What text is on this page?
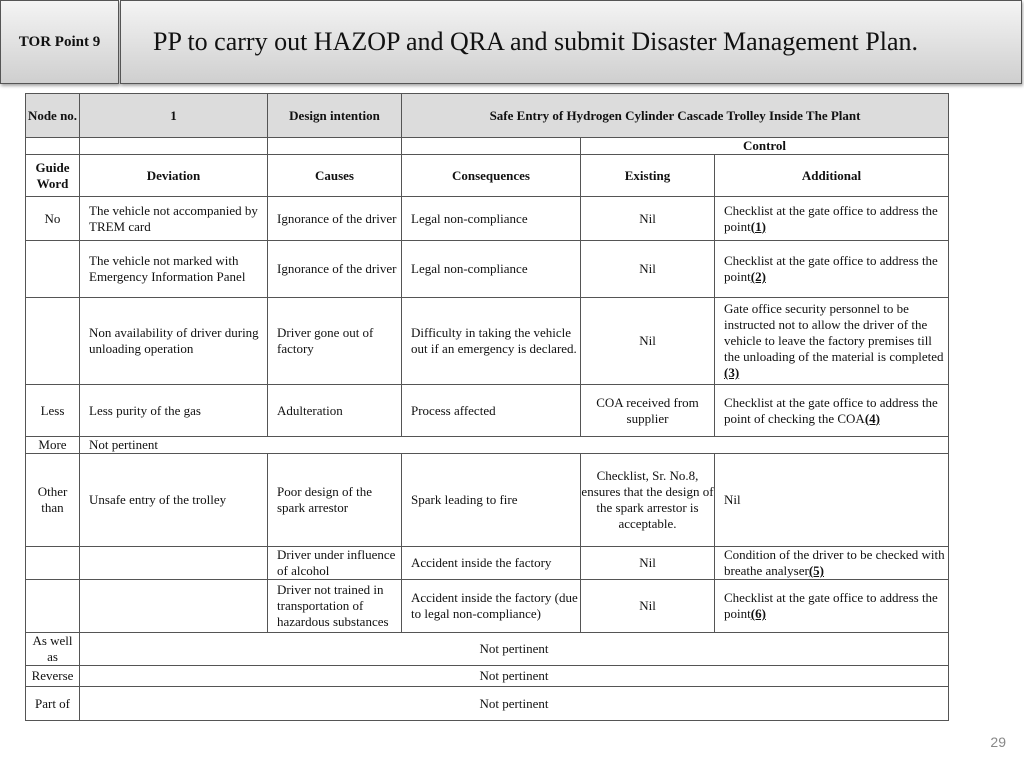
TOR Point 9	PP to carry out HAZOP and QRA and submit Disaster Management Plan.
Node no.	1	Design intention	Safe Entry of Hydrogen Cylinder Cascade Trolley Inside The Plant		
				Control	
Guide Word	Deviation	Causes	Consequences	Existing	Additional
No	The vehicle not accompanied by TREM card	Ignorance of the driver	Legal non-compliance	Nil	Checklist at the gate office to address the point(1)
	The vehicle not marked with Emergency Information Panel	Ignorance of the driver	Legal non-compliance	Nil	Checklist at the gate office to address the point(2)
	Non availability of driver during unloading operation	Driver gone out of factory	Difficulty in taking the vehicle out if an emergency is declared.	Nil	Gate office security personnel to be instructed not to allow the driver of the vehicle to leave the factory premises till the unloading of the material is completed (3)
Less	Less purity of the gas	Adulteration	Process affected	COA received from supplier	Checklist at the gate office to address the point of checking the COA(4)
More	Not pertinent				
Other than	Unsafe entry of the trolley	Poor design of the spark arrestor	Spark leading to fire	Checklist, Sr. No.8, ensures that the design of the spark arrestor is acceptable.	Nil
		Driver under influence of alcohol	Accident inside the factory	Nil	Condition of the driver to be checked with breathe analyser(5)
		Driver not trained in transportation of hazardous substances	Accident inside the factory (due to legal non-compliance)	Nil	Checklist at the gate office to address the point(6)
As well as	Not pertinent				
Reverse	Not pertinent				
Part of	Not pertinent				
29
